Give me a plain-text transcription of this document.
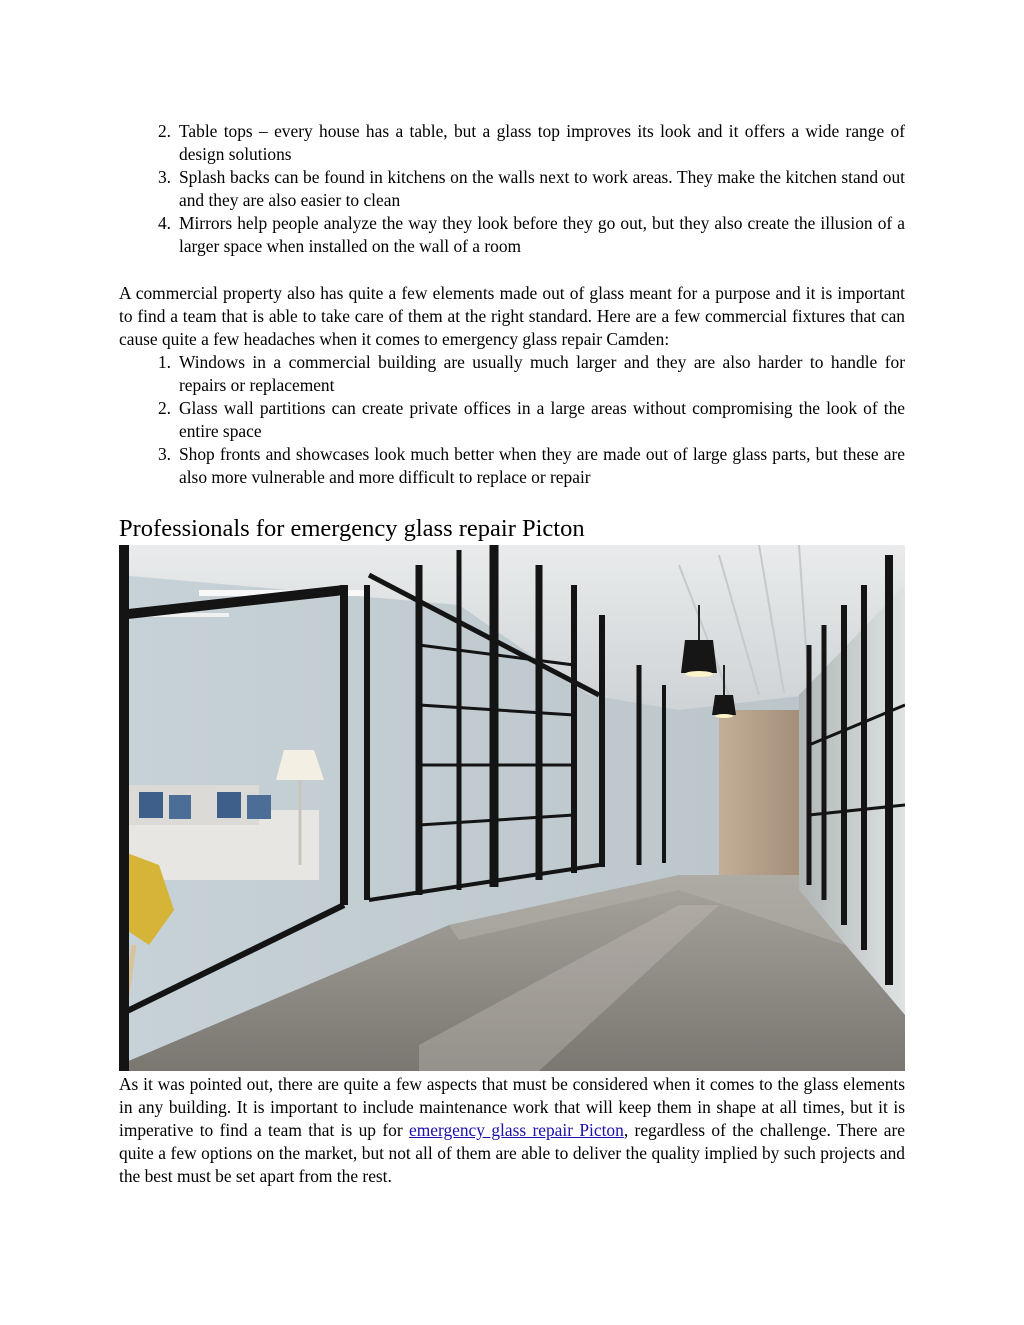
2. Table tops – every house has a table, but a glass top improves its look and it offers a wide range of design solutions
3. Splash backs can be found in kitchens on the walls next to work areas. They make the kitchen stand out and they are also easier to clean
4. Mirrors help people analyze the way they look before they go out, but they also create the illusion of a larger space when installed on the wall of a room

A commercial property also has quite a few elements made out of glass meant for a purpose and it is important to find a team that is able to take care of them at the right standard. Here are a few commercial fixtures that can cause quite a few headaches when it comes to emergency glass repair Camden:

1. Windows in a commercial building are usually much larger and they are also harder to handle for repairs or replacement
2. Glass wall partitions can create private offices in a large areas without compromising the look of the entire space
3. Shop fronts and showcases look much better when they are made out of large glass parts, but these are also more vulnerable and more difficult to replace or repair
Professionals for emergency glass repair Picton

As it was pointed out, there are quite a few aspects that must be considered when it comes to the glass elements in any building. It is important to include maintenance work that will keep them in shape at all times, but it is imperative to find a team that is up for emergency glass repair Picton, regardless of the challenge. There are quite a few options on the market, but not all of them are able to deliver the quality implied by such projects and the best must be set apart from the rest.
